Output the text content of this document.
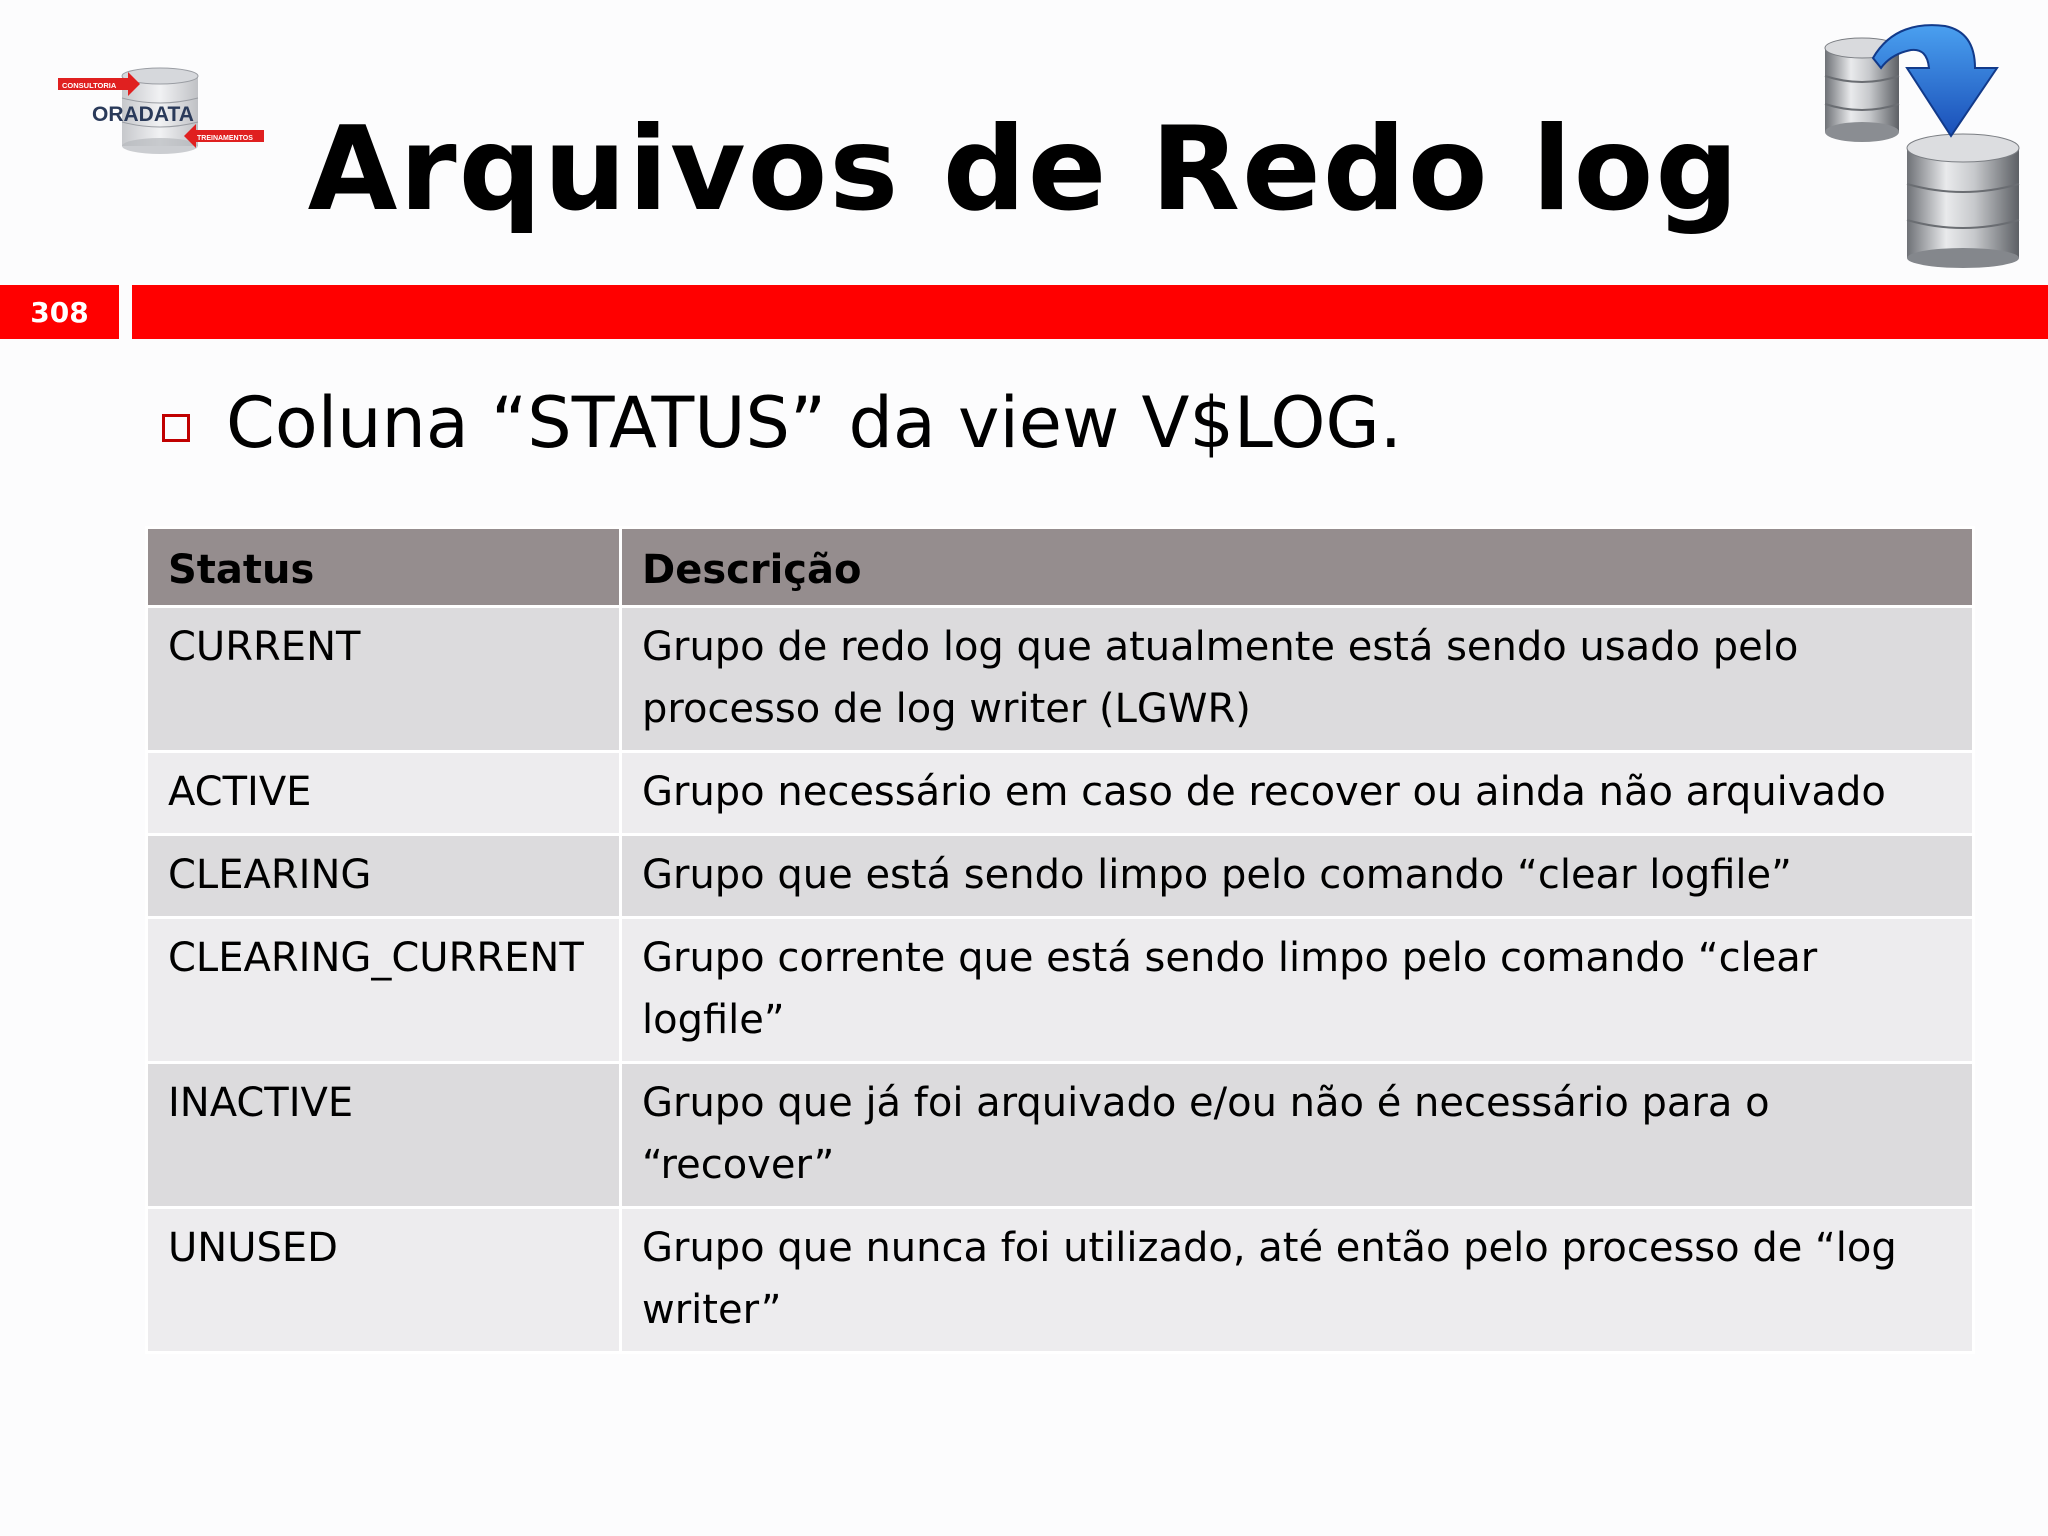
CONSULTORIA
ORADATA
TREINAMENTOS Arquivos de Redo log
308
Coluna “STATUS” da view V$LOG.
Status	Descrição
CURRENT	Grupo de redo log que atualmente está sendo usado pelo processo de log writer (LGWR)
ACTIVE	Grupo necessário em caso de recover ou ainda não arquivado
CLEARING	Grupo que está sendo limpo pelo comando “clear logfile”
CLEARING_CURRENT	Grupo corrente que está sendo limpo pelo comando “clear logfile”
INACTIVE	Grupo que já foi arquivado e/ou não é necessário para o “recover”
UNUSED	Grupo que nunca foi utilizado, até então pelo processo de “log writer”
